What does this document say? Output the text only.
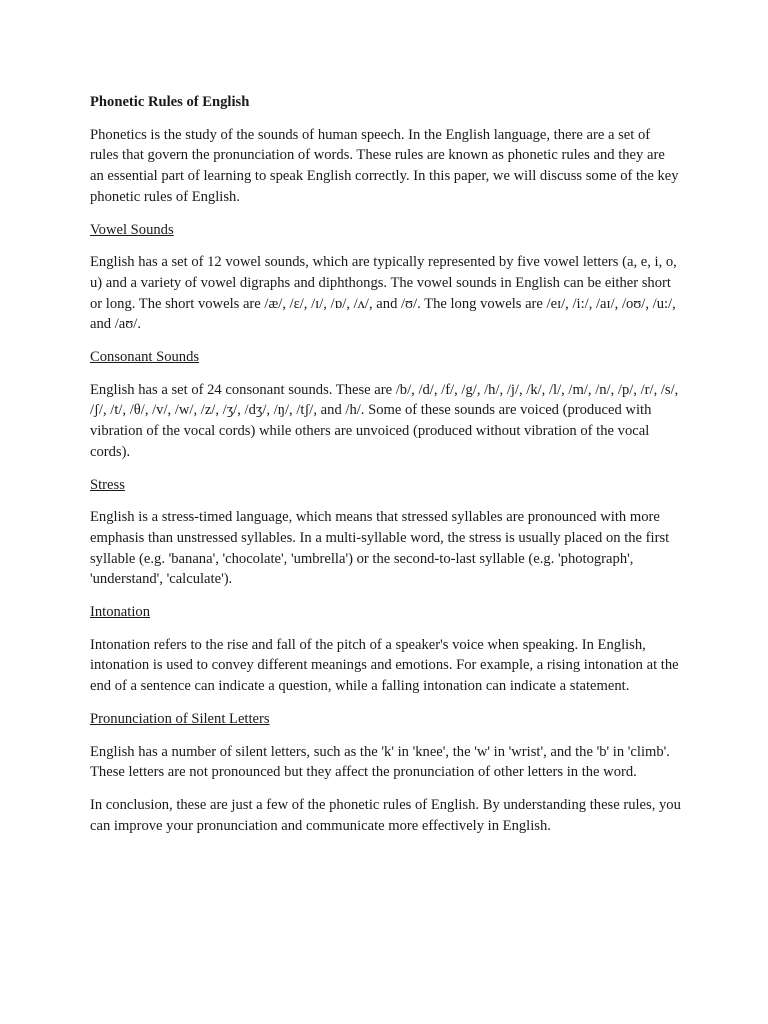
Phonetic Rules of English

Phonetics is the study of the sounds of human speech. In the English language, there are a set of rules that govern the pronunciation of words. These rules are known as phonetic rules and they are an essential part of learning to speak English correctly. In this paper, we will discuss some of the key phonetic rules of English.

Vowel Sounds

English has a set of 12 vowel sounds, which are typically represented by five vowel letters (a, e, i, o, u) and a variety of vowel digraphs and diphthongs. The vowel sounds in English can be either short or long. The short vowels are /æ/, /ɛ/, /ɪ/, /ɒ/, /ʌ/, and /ʊ/. The long vowels are /eɪ/, /i:/, /aɪ/, /oʊ/, /u:/, and /aʊ/.

Consonant Sounds

English has a set of 24 consonant sounds. These are /b/, /d/, /f/, /g/, /h/, /j/, /k/, /l/, /m/, /n/, /p/, /r/, /s/, /ʃ/, /t/, /θ/, /v/, /w/, /z/, /ʒ/, /dʒ/, /ŋ/, /tʃ/, and /h/. Some of these sounds are voiced (produced with vibration of the vocal cords) while others are unvoiced (produced without vibration of the vocal cords).

Stress

English is a stress-timed language, which means that stressed syllables are pronounced with more emphasis than unstressed syllables. In a multi-syllable word, the stress is usually placed on the first syllable (e.g. 'banana', 'chocolate', 'umbrella') or the second-to-last syllable (e.g. 'photograph', 'understand', 'calculate').

Intonation

Intonation refers to the rise and fall of the pitch of a speaker's voice when speaking. In English, intonation is used to convey different meanings and emotions. For example, a rising intonation at the end of a sentence can indicate a question, while a falling intonation can indicate a statement.

Pronunciation of Silent Letters

English has a number of silent letters, such as the 'k' in 'knee', the 'w' in 'wrist', and the 'b' in 'climb'. These letters are not pronounced but they affect the pronunciation of other letters in the word.

In conclusion, these are just a few of the phonetic rules of English. By understanding these rules, you can improve your pronunciation and communicate more effectively in English.
